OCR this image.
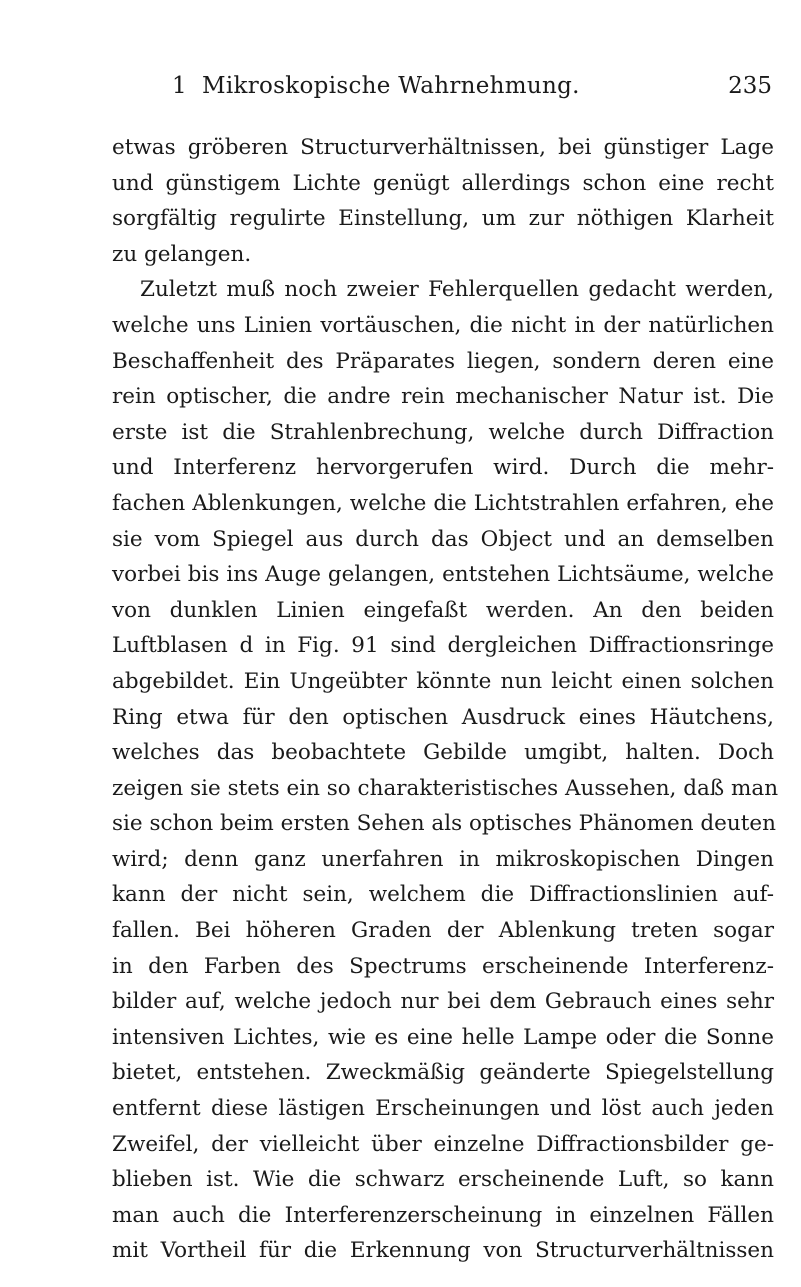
1 Mikroskopische Wahrnehmung.	235
etwas gröberen Structurverhältnissen, bei günstiger Lage
und günstigem Lichte genügt allerdings schon eine recht
sorgfältig regulirte Einstellung, um zur nöthigen Klarheit
zu gelangen.
Zuletzt muß noch zweier Fehlerquellen gedacht werden,
welche uns Linien vortäuschen, die nicht in der natürlichen
Beschaffenheit des Präparates liegen, sondern deren eine
rein optischer, die andre rein mechanischer Natur ist. Die
erste ist die Strahlenbrechung, welche durch Diffraction
und Interferenz hervorgerufen wird. Durch die mehr-
fachen Ablenkungen, welche die Lichtstrahlen erfahren, ehe
sie vom Spiegel aus durch das Object und an demselben
vorbei bis ins Auge gelangen, entstehen Lichtsäume, welche
von dunklen Linien eingefaßt werden. An den beiden
Luftblasen d in Fig. 91 sind dergleichen Diffractionsringe
abgebildet. Ein Ungeübter könnte nun leicht einen solchen
Ring etwa für den optischen Ausdruck eines Häutchens,
welches das beobachtete Gebilde umgibt, halten. Doch
zeigen sie stets ein so charakteristisches Aussehen, daß man
sie schon beim ersten Sehen als optisches Phänomen deuten
wird; denn ganz unerfahren in mikroskopischen Dingen
kann der nicht sein, welchem die Diffractionslinien auf-
fallen. Bei höheren Graden der Ablenkung treten sogar
in den Farben des Spectrums erscheinende Interferenz-
bilder auf, welche jedoch nur bei dem Gebrauch eines sehr
intensiven Lichtes, wie es eine helle Lampe oder die Sonne
bietet, entstehen. Zweckmäßig geänderte Spiegelstellung
entfernt diese lästigen Erscheinungen und löst auch jeden
Zweifel, der vielleicht über einzelne Diffractionsbilder ge-
blieben ist. Wie die schwarz erscheinende Luft, so kann
man auch die Interferenzerscheinung in einzelnen Fällen
mit Vortheil für die Erkennung von Structurverhältnissen
